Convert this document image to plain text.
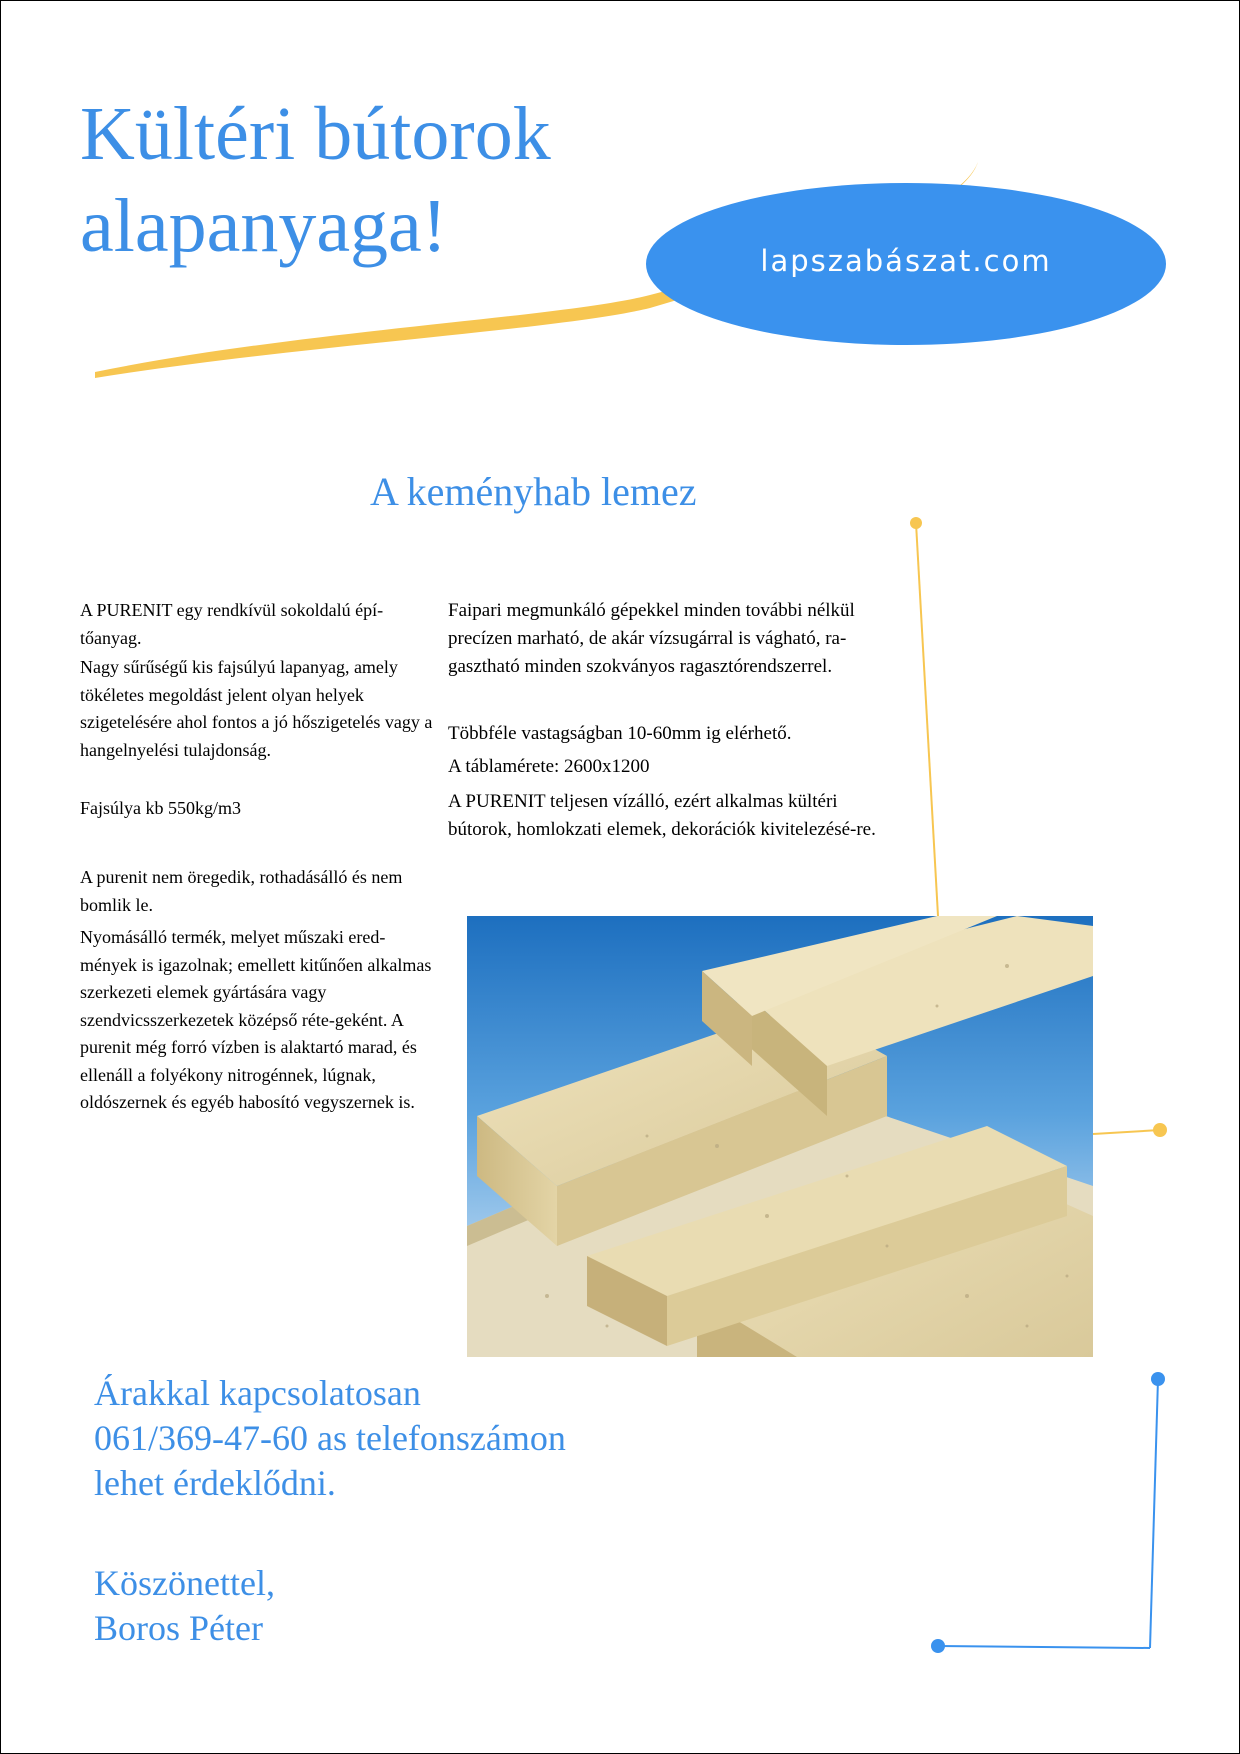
Kültéri bútorok
alapanyaga!	lapszabászat.com
A keményhab lemez

A PURENIT egy rendkívül sokoldalú épí-tőanyag.

Nagy sűrűségű kis fajsúlyú lapanyag, amely tökéletes megoldást jelent olyan helyek szigetelésére ahol fontos a jó hőszigetelés vagy a hangelnyelési tulajdonság.

Fajsúlya kb 550kg/m3

A purenit nem öregedik, rothadásálló és nem bomlik le.

Nyomásálló termék, melyet műszaki ered-mények is igazolnak; emellett kitűnően alkalmas szerkezeti elemek gyártására vagy szendvicsszerkezetek középső réte-geként. A purenit még forró vízben is alaktartó marad, és ellenáll a folyékony nitrogénnek, lúgnak, oldószernek és egyéb habosító vegyszernek is.

Faipari megmunkáló gépekkel minden további nélkül precízen marható, de akár vízsugárral is vágható, ra-gasztható minden szokványos ragasztórendszerrel.

Többféle vastagságban 10-60mm ig elérhető.

A táblamérete: 2600x1200

A PURENIT teljesen vízálló, ezért alkalmas kültéri bútorok, homlokzati elemek, dekorációk kivitelezésé-re.

Árakkal kapcsolatosan
061/369-47-60 as telefonszámon
lehet érdeklődni.
Köszönettel,
Boros Péter
